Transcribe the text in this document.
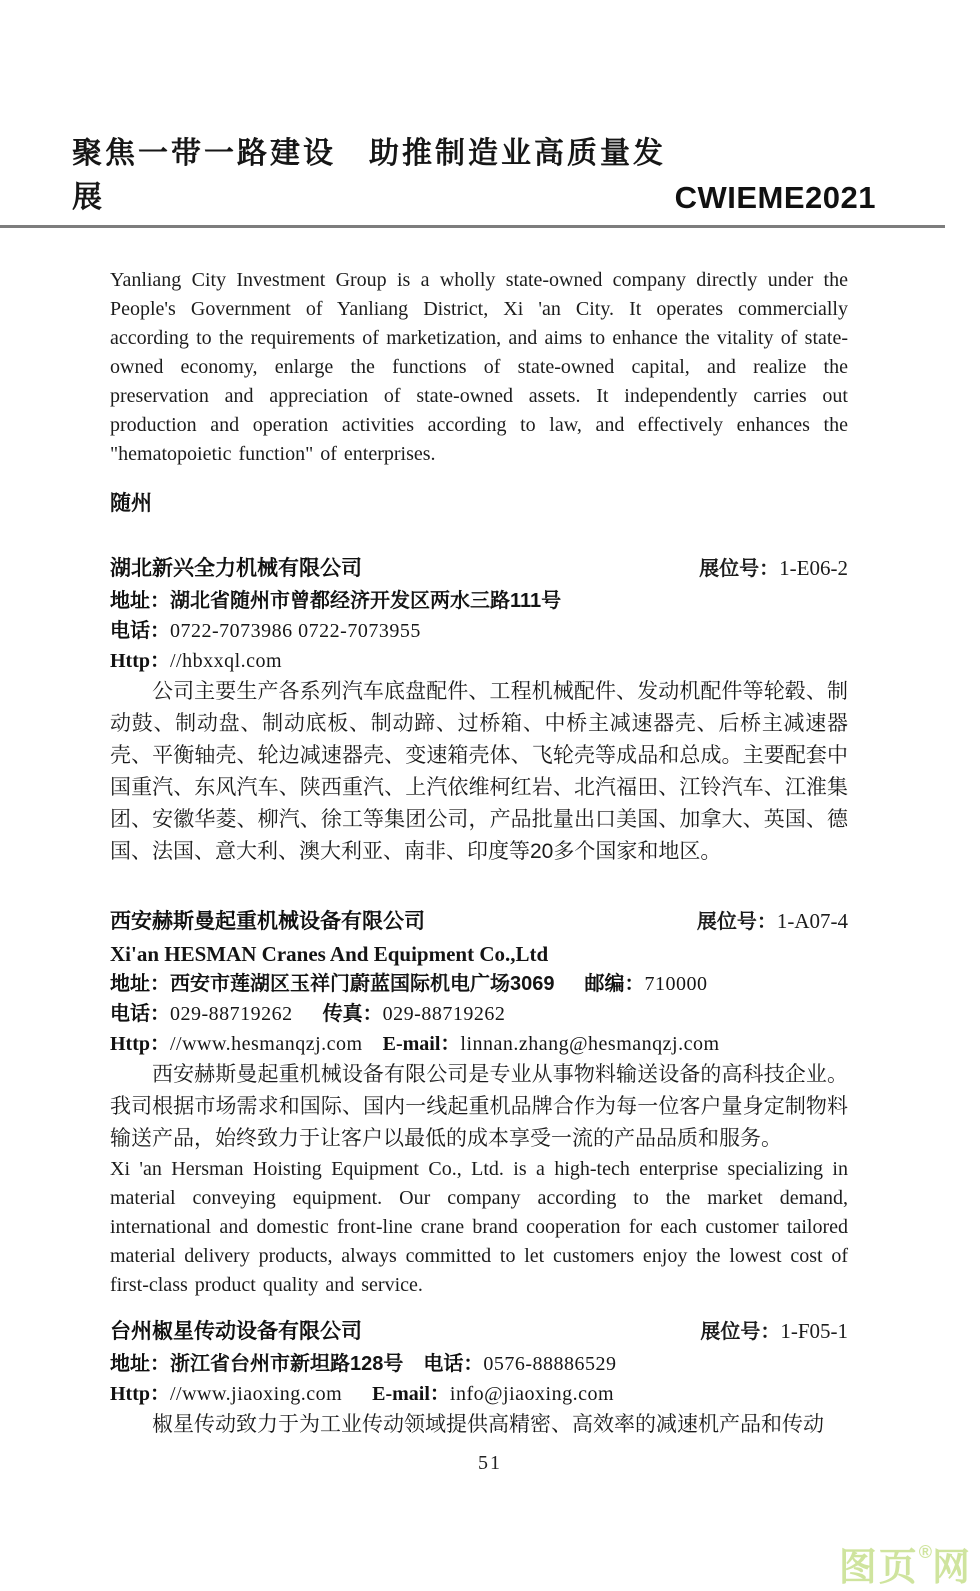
聚焦一带一路建设　助推制造业高质量发展	CWIEME2021

Yanliang City Investment Group is a wholly state-owned company directly under the People's Government of Yanliang District, Xi 'an City. It operates commercially according to the requirements of marketization, and aims to enhance the vitality of state-owned economy, enlarge the functions of state-owned capital, and realize the preservation and appreciation of state-owned assets. It independently carries out production and operation activities according to law, and effectively enhances the "hematopoietic function" of enterprises.

随州
湖北新兴全力机械有限公司	展位号：1-E06-2
地址：湖北省随州市曾都经济开发区两水三路111号
电话：0722-7073986 0722-7073955
Http：//hbxxql.com

公司主要生产各系列汽车底盘配件、工程机械配件、发动机配件等轮毂、制动鼓、制动盘、制动底板、制动蹄、过桥箱、中桥主减速器壳、后桥主减速器壳、平衡轴壳、轮边减速器壳、变速箱壳体、飞轮壳等成品和总成。主要配套中国重汽、东风汽车、陕西重汽、上汽依维柯红岩、北汽福田、江铃汽车、江淮集团、安徽华菱、柳汽、徐工等集团公司，产品批量出口美国、加拿大、英国、德国、法国、意大利、澳大利亚、南非、印度等20多个国家和地区。

西安赫斯曼起重机械设备有限公司	展位号：1-A07-4
Xi'an HESMAN Cranes And Equipment Co.,Ltd
地址：西安市莲湖区玉祥门蔚蓝国际机电广场3069 邮编：710000
电话：029-88719262 传真：029-88719262
Http：//www.hesmanqzj.com E-mail：linnan.zhang@hesmanqzj.com

西安赫斯曼起重机械设备有限公司是专业从事物料输送设备的高科技企业。我司根据市场需求和国际、国内一线起重机品牌合作为每一位客户量身定制物料输送产品，始终致力于让客户以最低的成本享受一流的产品品质和服务。

Xi 'an Hersman Hoisting Equipment Co., Ltd. is a high-tech enterprise specializing in material conveying equipment. Our company according to the market demand, international and domestic front-line crane brand cooperation for each customer tailored material delivery products, always committed to let customers enjoy the lowest cost of first-class product quality and service.

台州椒星传动设备有限公司	展位号：1-F05-1
地址：浙江省台州市新坦路128号 电话：0576-88886529
Http：//www.jiaoxing.com E-mail：info@jiaoxing.com

椒星传动致力于为工业传动领域提供高精密、高效率的减速机产品和传动

51
图页®网
